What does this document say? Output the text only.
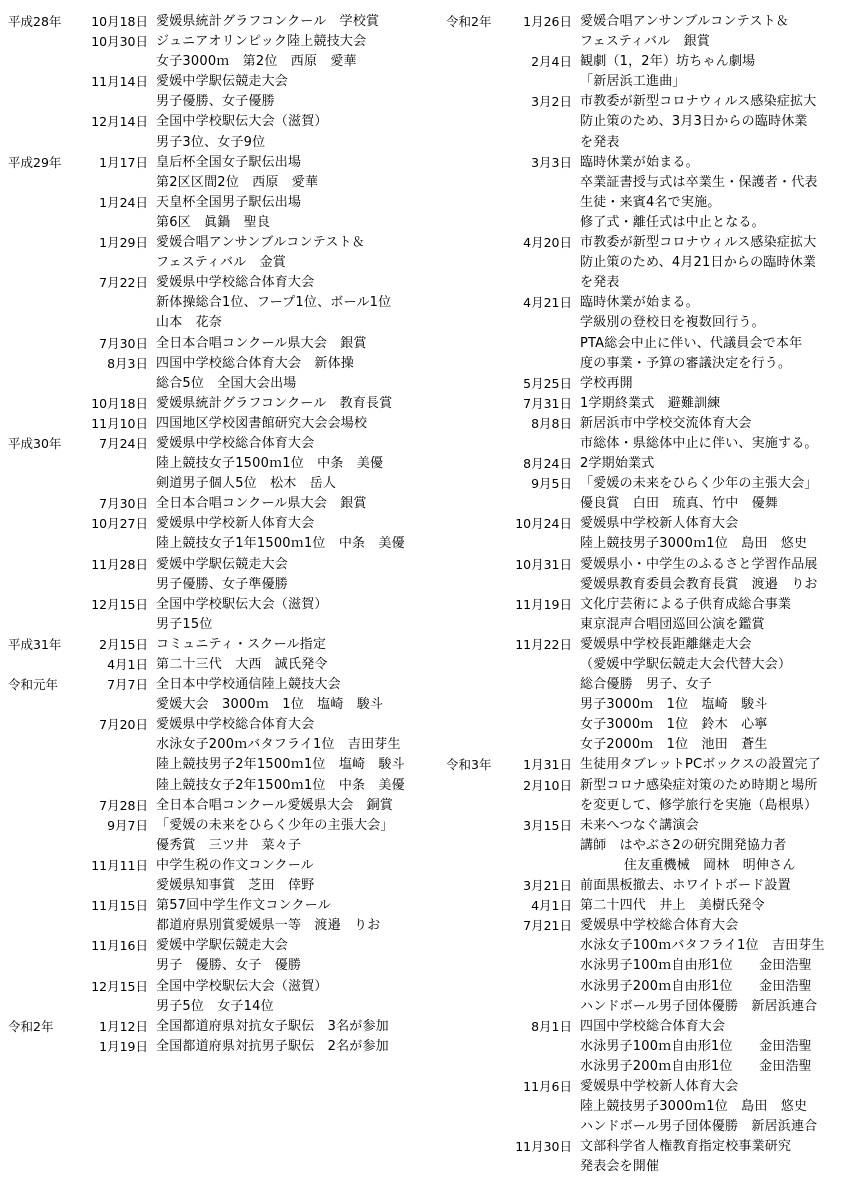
平成28年	10月18日 愛媛県統計グラフコンクール　学校賞
10月30日 ジュニアオリンピック陸上競技大会
女子3000ｍ　第2位　西原　愛華
11月14日 愛媛中学駅伝競走大会
男子優勝、女子優勝
12月14日 全国中学校駅伝大会（滋賀）
男子3位、女子9位
平成29年	1月17日 皇后杯全国女子駅伝出場
第2区区間2位　西原　愛華
1月24日 天皇杯全国男子駅伝出場
第6区　眞鍋　聖良
1月29日 愛媛合唱アンサンブルコンテスト＆
フェスティバル　金賞
7月22日 愛媛県中学校総合体育大会
新体操総合1位、フープ1位、ボール1位
山本　花奈
7月30日 全日本合唱コンクール県大会　銀賞
8月3日 四国中学校総合体育大会　新体操
総合5位　全国大会出場
10月18日 愛媛県統計グラフコンクール　教育長賞
11月10日 四国地区学校図書館研究大会会場校
平成30年	7月24日 愛媛県中学校総合体育大会
陸上競技女子1500ｍ1位　中条　美優
剣道男子個人5位　松木　岳人
7月30日 全日本合唱コンクール県大会　銀賞
10月27日 愛媛県中学校新人体育大会
陸上競技女子1年1500ｍ1位　中条　美優
11月28日 愛媛中学駅伝競走大会
男子優勝、女子準優勝
12月15日 全国中学校駅伝大会（滋賀）
男子15位
平成31年	2月15日 コミュニティ・スクール指定
4月1日 第二十三代　大西　誠氏発令
令和元年	7月7日 全日本中学校通信陸上競技大会
愛媛大会　3000ｍ　1位　塩崎　駿斗
7月20日 愛媛県中学校総合体育大会
水泳女子200ｍバタフライ1位　吉田芽生
陸上競技男子2年1500ｍ1位　塩崎　駿斗
陸上競技女子2年1500ｍ1位　中条　美優
7月28日 全日本合唱コンクール愛媛県大会　銅賞
9月7日 「愛媛の未来をひらく少年の主張大会」
優秀賞　三ツ井　菜々子
11月11日 中学生税の作文コンクール
愛媛県知事賞　芝田　倖野
11月15日 第57回中学生作文コンクール
都道府県別賞愛媛県一等　渡邉　りお
11月16日 愛媛中学駅伝競走大会
男子　優勝、女子　優勝
12月15日 全国中学校駅伝大会（滋賀）
男子5位　女子14位
令和2年	1月12日 全国都道府県対抗女子駅伝　3名が参加
1月19日 全国都道府県対抗男子駅伝　2名が参加
令和2年	1月26日 愛媛合唱アンサンブルコンテスト＆
フェスティバル　銀賞
2月4日 観劇（1，2年）坊ちゃん劇場
「新居浜工進曲」
3月2日 市教委が新型コロナウィルス感染症拡大
防止策のため、3月3日からの臨時休業
を発表
3月3日 臨時休業が始まる。
卒業証書授与式は卒業生・保護者・代表
生徒・来賓4名で実施。
修了式・離任式は中止となる。
4月20日 市教委が新型コロナウィルス感染症拡大
防止策のため、4月21日からの臨時休業
を発表
4月21日 臨時休業が始まる。
学級別の登校日を複数回行う。
PTA総会中止に伴い、代議員会で本年
度の事業・予算の審議決定を行う。
5月25日 学校再開
7月31日 1学期終業式　避難訓練
8月8日 新居浜市中学校交流体育大会
市総体・県総体中止に伴い、実施する。
8月24日 2学期始業式
9月5日 「愛媛の未来をひらく少年の主張大会」
優良賞　白田　琉真、竹中　優舞
10月24日 愛媛県中学校新人体育大会
陸上競技男子3000ｍ1位　島田　悠史
10月31日 愛媛県小・中学生のふるさと学習作品展
愛媛県教育委員会教育長賞　渡邉　りお
11月19日 文化庁芸術による子供育成総合事業
東京混声合唱団巡回公演を鑑賞
11月22日 愛媛県中学校長距離継走大会
（愛媛中学駅伝競走大会代替大会）
総合優勝　男子、女子
男子3000ｍ　1位　塩崎　駿斗
女子3000ｍ　1位　鈴木　心寧
女子2000ｍ　1位　池田　蒼生
令和3年	1月31日 生徒用タブレットPCボックスの設置完了
2月10日 新型コロナ感染症対策のため時期と場所
を変更して、修学旅行を実施（島根県）
3月15日 未来へつなぐ講演会
講師　はやぶさ2の研究開発協力者
　　　 住友重機械　岡林　明伸さん
3月21日 前面黒板撤去、ホワイトボード設置
4月1日 第二十四代　井上　美樹氏発令
7月21日 愛媛県中学校総合体育大会
水泳女子100ｍバタフライ1位　吉田芽生
水泳男子100ｍ自由形1位　　金田浩聖
水泳男子200ｍ自由形1位　　金田浩聖
ハンドボール男子団体優勝　新居浜連合
8月1日 四国中学校総合体育大会
水泳男子100ｍ自由形1位　　金田浩聖
水泳男子200ｍ自由形1位　　金田浩聖
11月6日 愛媛県中学校新人体育大会
陸上競技男子3000ｍ1位　島田　悠史
ハンドボール男子団体優勝　新居浜連合
11月30日 文部科学省人権教育指定校事業研究
発表会を開催
